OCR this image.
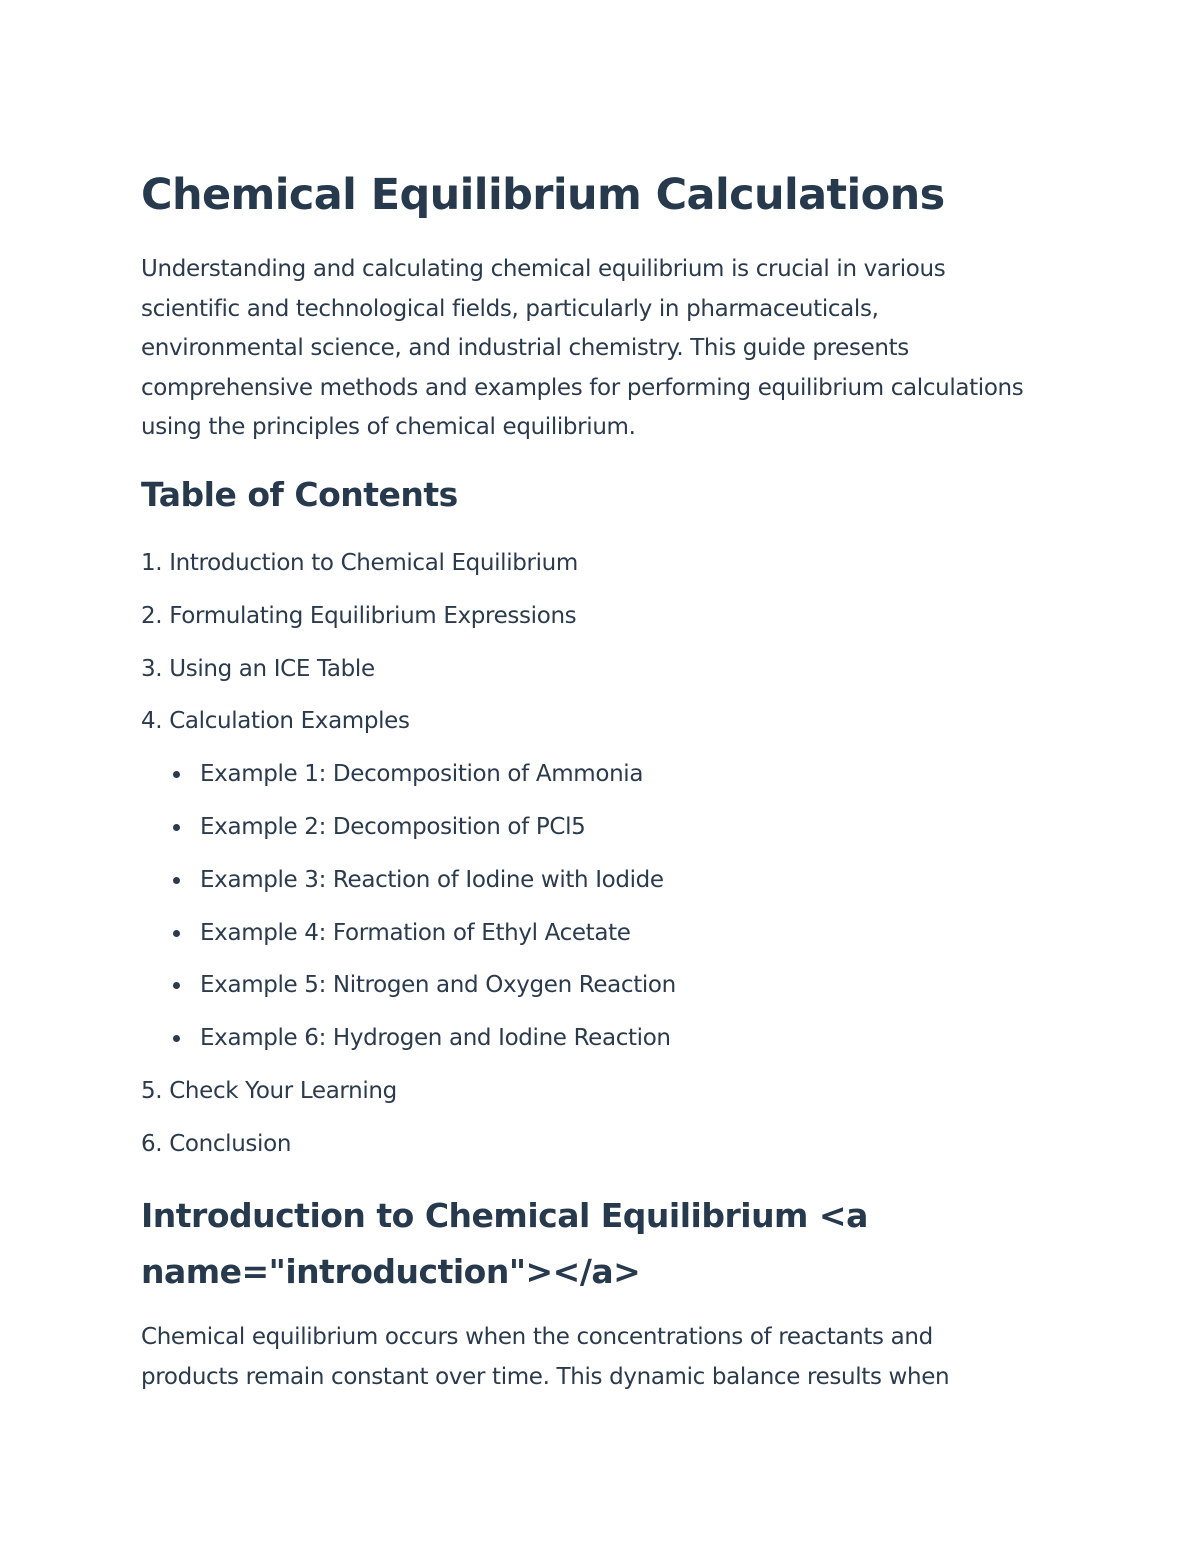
Chemical Equilibrium Calculations

Understanding and calculating chemical equilibrium is crucial in various scientific and technological fields, particularly in pharmaceuticals, environmental science, and industrial chemistry. This guide presents comprehensive methods and examples for performing equilibrium calculations using the principles of chemical equilibrium.

Table of Contents
1. Introduction to Chemical Equilibrium
2. Formulating Equilibrium Expressions
3. Using an ICE Table
4. Calculation Examples
Example 1: Decomposition of Ammonia
Example 2: Decomposition of PCl5
Example 3: Reaction of Iodine with Iodide
Example 4: Formation of Ethyl Acetate
Example 5: Nitrogen and Oxygen Reaction
Example 6: Hydrogen and Iodine Reaction
5. Check Your Learning
6. Conclusion
Introduction to Chemical Equilibrium <a name="introduction"></a>

Chemical equilibrium occurs when the concentrations of reactants and products remain constant over time. This dynamic balance results when
